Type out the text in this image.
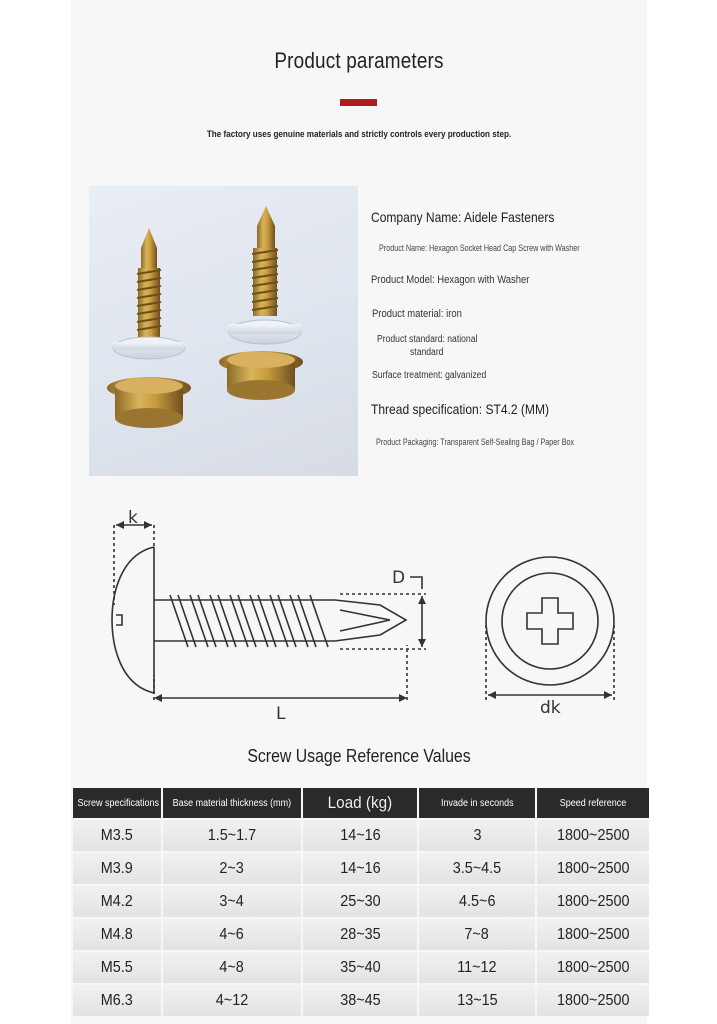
Product parameters
The factory uses genuine materials and strictly controls every production step.
Company Name: Aidele Fasteners
Product Name: Hexagon Socket Head Cap Screw with Washer
Product Model: Hexagon with Washer
Product material: iron
Product standard: national
standard
Surface treatment: galvanized
Thread specification: ST4.2 (MM)
Product Packaging: Transparent Self-Sealing Bag / Paper Box
k
D
L	dk
Screw Usage Reference Values
Screw specifications	Base material thickness (mm)	Load (kg)	Invade in seconds	Speed reference
M3.5	1.5~1.7	14~16	3	1800~2500
M3.9	2~3	14~16	3.5~4.5	1800~2500
M4.2	3~4	25~30	4.5~6	1800~2500
M4.8	4~6	28~35	7~8	1800~2500
M5.5	4~8	35~40	11~12	1800~2500
M6.3	4~12	38~45	13~15	1800~2500
